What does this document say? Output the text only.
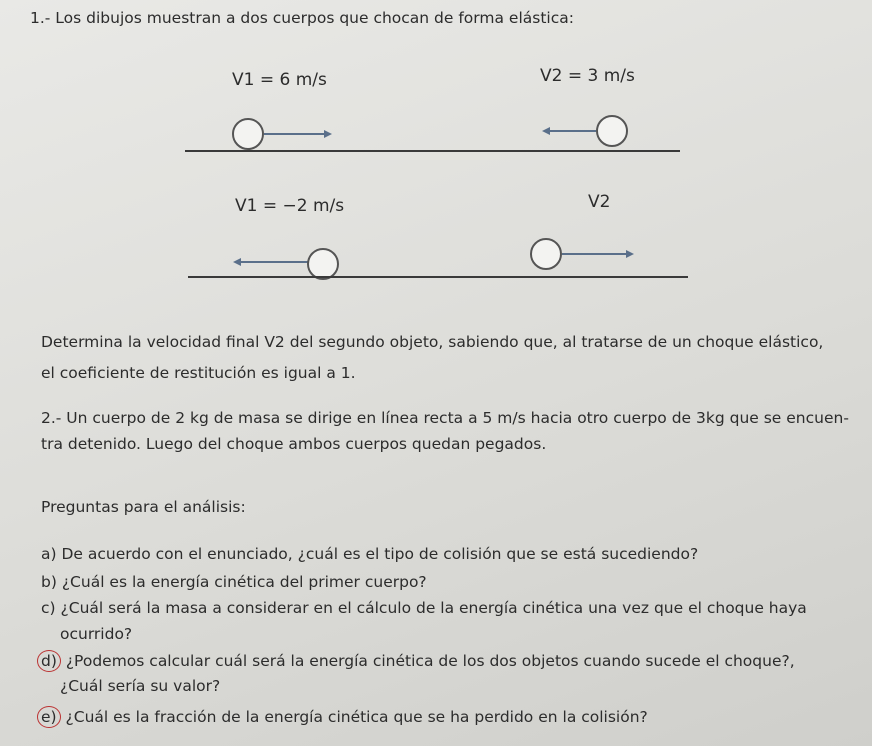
1.- Los dibujos muestran a dos cuerpos que chocan de forma elástica:
V1 = 6 m/s	V2 = 3 m/s
V1 = −2 m/s	V2
Determina la velocidad final V2 del segundo objeto, sabiendo que, al tratarse de un choque elástico,
el coeficiente de restitución es igual a 1.
2.- Un cuerpo de 2 kg de masa se dirige en línea recta a 5 m/s hacia otro cuerpo de 3kg que se encuen-
tra detenido. Luego del choque ambos cuerpos quedan pegados.
Preguntas para el análisis:
a) De acuerdo con el enunciado, ¿cuál es el tipo de colisión que se está sucediendo?
b) ¿Cuál es la energía cinética del primer cuerpo?
c) ¿Cuál será la masa a considerar en el cálculo de la energía cinética una vez que el choque haya
ocurrido?
d) ¿Podemos calcular cuál será la energía cinética de los dos objetos cuando sucede el choque?,
¿Cuál sería su valor?
e) ¿Cuál es la fracción de la energía cinética que se ha perdido en la colisión?
